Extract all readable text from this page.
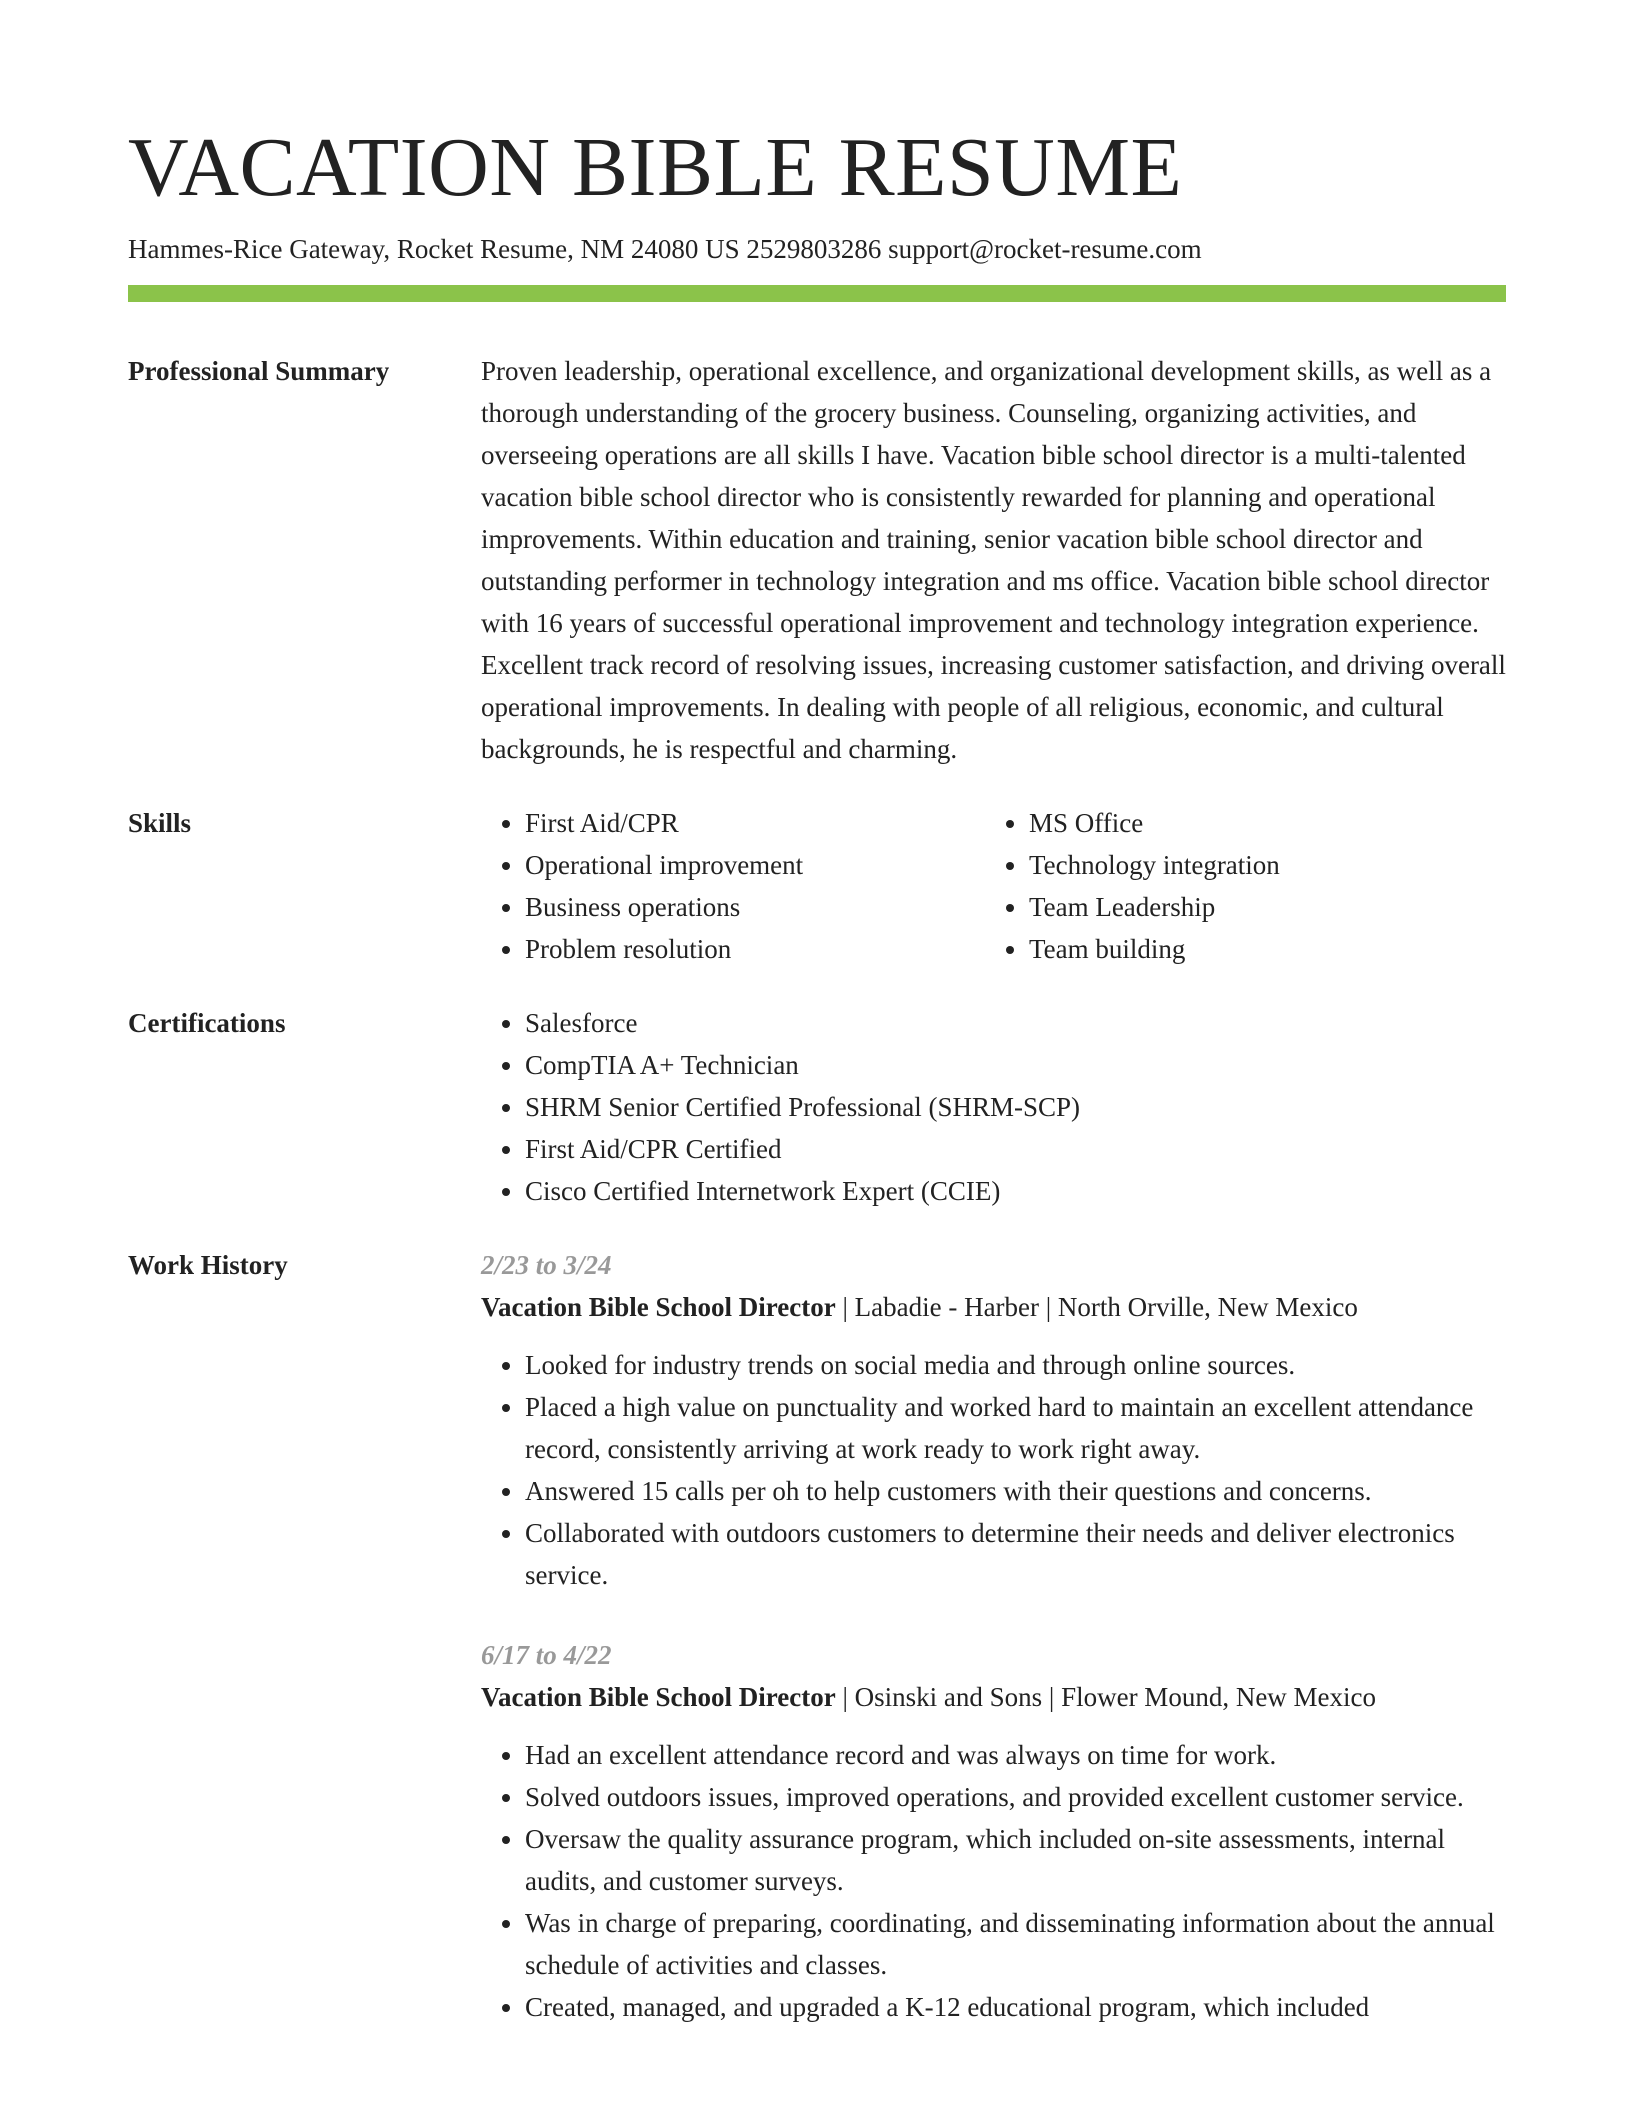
VACATION BIBLE RESUME
Hammes-Rice Gateway, Rocket Resume, NM 24080 US 2529803286 support@rocket-resume.com
Professional Summary	Proven leadership, operational excellence, and organizational development skills, as well as a thorough understanding of the grocery business. Counseling, organizing activities, and overseeing operations are all skills I have. Vacation bible school director is a multi-talented vacation bible school director who is consistently rewarded for planning and operational improvements. Within education and training, senior vacation bible school director and outstanding performer in technology integration and ms office. Vacation bible school director with 16 years of successful operational improvement and technology integration experience. Excellent track record of resolving issues, increasing customer satisfaction, and driving overall operational improvements. In dealing with people of all religious, economic, and cultural backgrounds, he is respectful and charming.

Skills	• First Aid/CPR
• Operational improvement
• Business operations
• Problem resolution
• MS Office
• Technology integration
• Team Leadership
• Team building
Certifications	• Salesforce
• CompTIA A+ Technician
• SHRM Senior Certified Professional (SHRM-SCP)
• First Aid/CPR Certified
• Cisco Certified Internetwork Expert (CCIE)
Work History	2/23 to 3/24
Vacation Bible School Director | Labadie - Harber | North Orville, New Mexico
• Looked for industry trends on social media and through online sources.
• Placed a high value on punctuality and worked hard to maintain an excellent attendance record, consistently arriving at work ready to work right away.
• Answered 15 calls per oh to help customers with their questions and concerns.
• Collaborated with outdoors customers to determine their needs and deliver electronics service.
6/17 to 4/22
Vacation Bible School Director | Osinski and Sons | Flower Mound, New Mexico
• Had an excellent attendance record and was always on time for work.
• Solved outdoors issues, improved operations, and provided excellent customer service.
• Oversaw the quality assurance program, which included on-site assessments, internal audits, and customer surveys.
• Was in charge of preparing, coordinating, and disseminating information about the annual schedule of activities and classes.
• Created, managed, and upgraded a K-12 educational program, which included
